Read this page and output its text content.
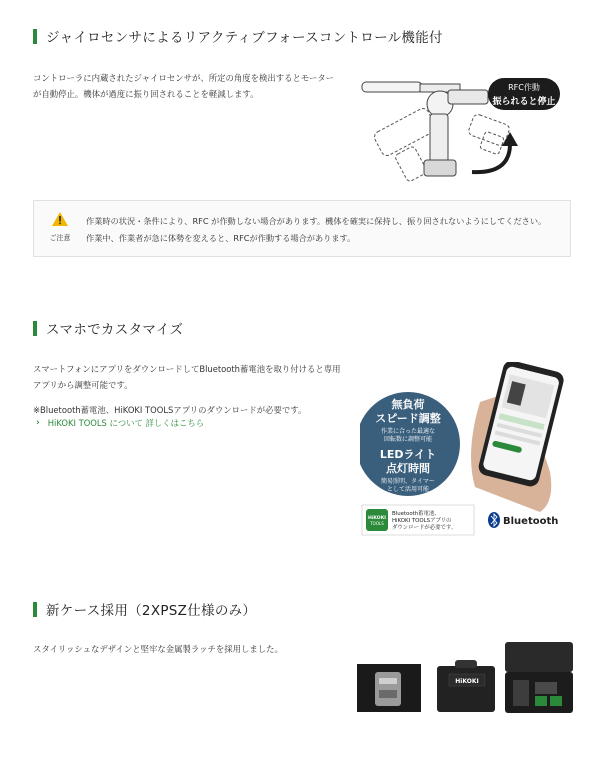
ジャイロセンサによるリアクティブフォースコントロール機能付
コントローラに内蔵されたジャイロセンサが、所定の角度を検出するとモーター
が自動停止。機体が過度に振り回されることを軽減します。
RFC作動
振られると停止
ご注意
作業時の状況・条件により、RFC が作動しない場合があります。機体を確実に保持し、振り回されないようにしてください。
作業中、作業者が急に体勢を変えると、RFCが作動する場合があります。
スマホでカスタマイズ
スマートフォンにアプリをダウンロードしてBluetooth蓄電池を取り付けると専用
アプリから調整可能です。
※Bluetooth蓄電池、HiKOKI TOOLSアプリのダウンロードが必要です。
› HiKOKI TOOLS について 詳しくはこちら
無負荷
スピード調整
作業に合った最適な
回転数に調整可能
LEDライト
点灯時間
簡易照明、タイマー
として活用可能
HiKOKI
TOOLS
Bluetooth蓄電池、
HiKOKI TOOLSアプリの
ダウンロードが必要です。
Bluetooth
新ケース採用（2XPSZ仕様のみ）
スタイリッシュなデザインと堅牢な金属製ラッチを採用しました。
HiKOKI
